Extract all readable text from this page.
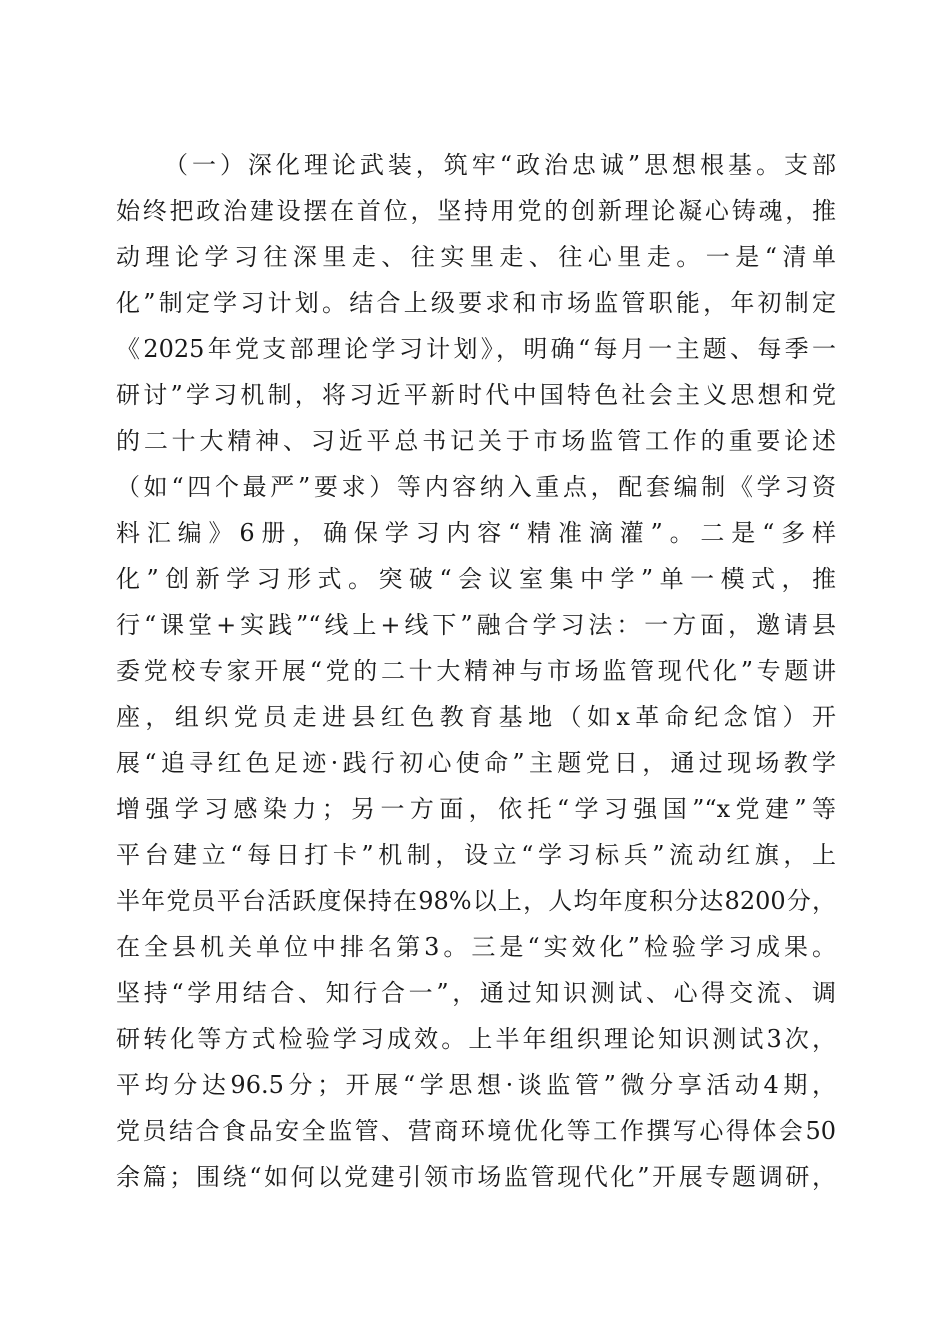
（一）深化理论武装，筑牢“政治忠诚”思想根基。支部
始终把政治建设摆在首位，坚持用党的创新理论凝心铸魂，推
动理论学习往深里走、往实里走、往心里走。一是“清单
化”制定学习计划。结合上级要求和市场监管职能，年初制定
《2025年党支部理论学习计划》，明确“每月一主题、每季一
研讨”学习机制，将习近平新时代中国特色社会主义思想和党
的二十大精神、习近平总书记关于市场监管工作的重要论述
（如“四个最严”要求）等内容纳入重点，配套编制《学习资
料汇编》6册，确保学习内容“精准滴灌”。二是“多样
化”创新学习形式。突破“会议室集中学”单一模式，推
行“课堂+实践”“线上+线下”融合学习法：一方面，邀请县
委党校专家开展“党的二十大精神与市场监管现代化”专题讲
座，组织党员走进县红色教育基地（如x革命纪念馆）开
展“追寻红色足迹·践行初心使命”主题党日，通过现场教学
增强学习感染力；另一方面，依托“学习强国”“x党建”等
平台建立“每日打卡”机制，设立“学习标兵”流动红旗，上
半年党员平台活跃度保持在98%以上，人均年度积分达8200分，
在全县机关单位中排名第3。三是“实效化”检验学习成果。
坚持“学用结合、知行合一”，通过知识测试、心得交流、调
研转化等方式检验学习成效。上半年组织理论知识测试3次，
平均分达96.5分；开展“学思想·谈监管”微分享活动4期，
党员结合食品安全监管、营商环境优化等工作撰写心得体会50
余篇；围绕“如何以党建引领市场监管现代化”开展专题调研，
